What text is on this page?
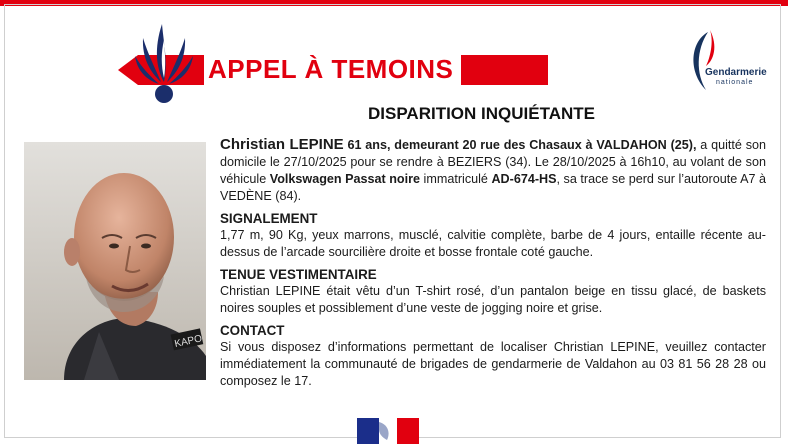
APPEL À TEMOINS	Gendarmerie
nationale
DISPARITION INQUIÉTANTE
KAPO

Christian LEPINE 61 ans, demeurant 20 rue des Chasaux à VALDAHON (25), a quitté son domicile le 27/10/2025 pour se rendre à BEZIERS (34). Le 28/10/2025 à 16h10, au volant de son véhicule Volkswagen Passat noire immatriculé AD-674-HS, sa trace se perd sur l’autoroute A7 à VEDÈNE (84).

SIGNALEMENT

1,77 m, 90 Kg, yeux marrons, musclé, calvitie complète, barbe de 4 jours, entaille récente au-dessus de l’arcade sourcilière droite et bosse frontale coté gauche.

TENUE VESTIMENTAIRE

Christian LEPINE était vêtu d’un T-shirt rosé, d’un pantalon beige en tissu glacé, de baskets noires souples et possiblement d’une veste de jogging noire et grise.

CONTACT

Si vous disposez d’informations permettant de localiser Christian LEPINE, veuillez contacter immédiatement la communauté de brigades de gendarmerie de Valdahon au 03 81 56 28 28 ou composez le 17.
